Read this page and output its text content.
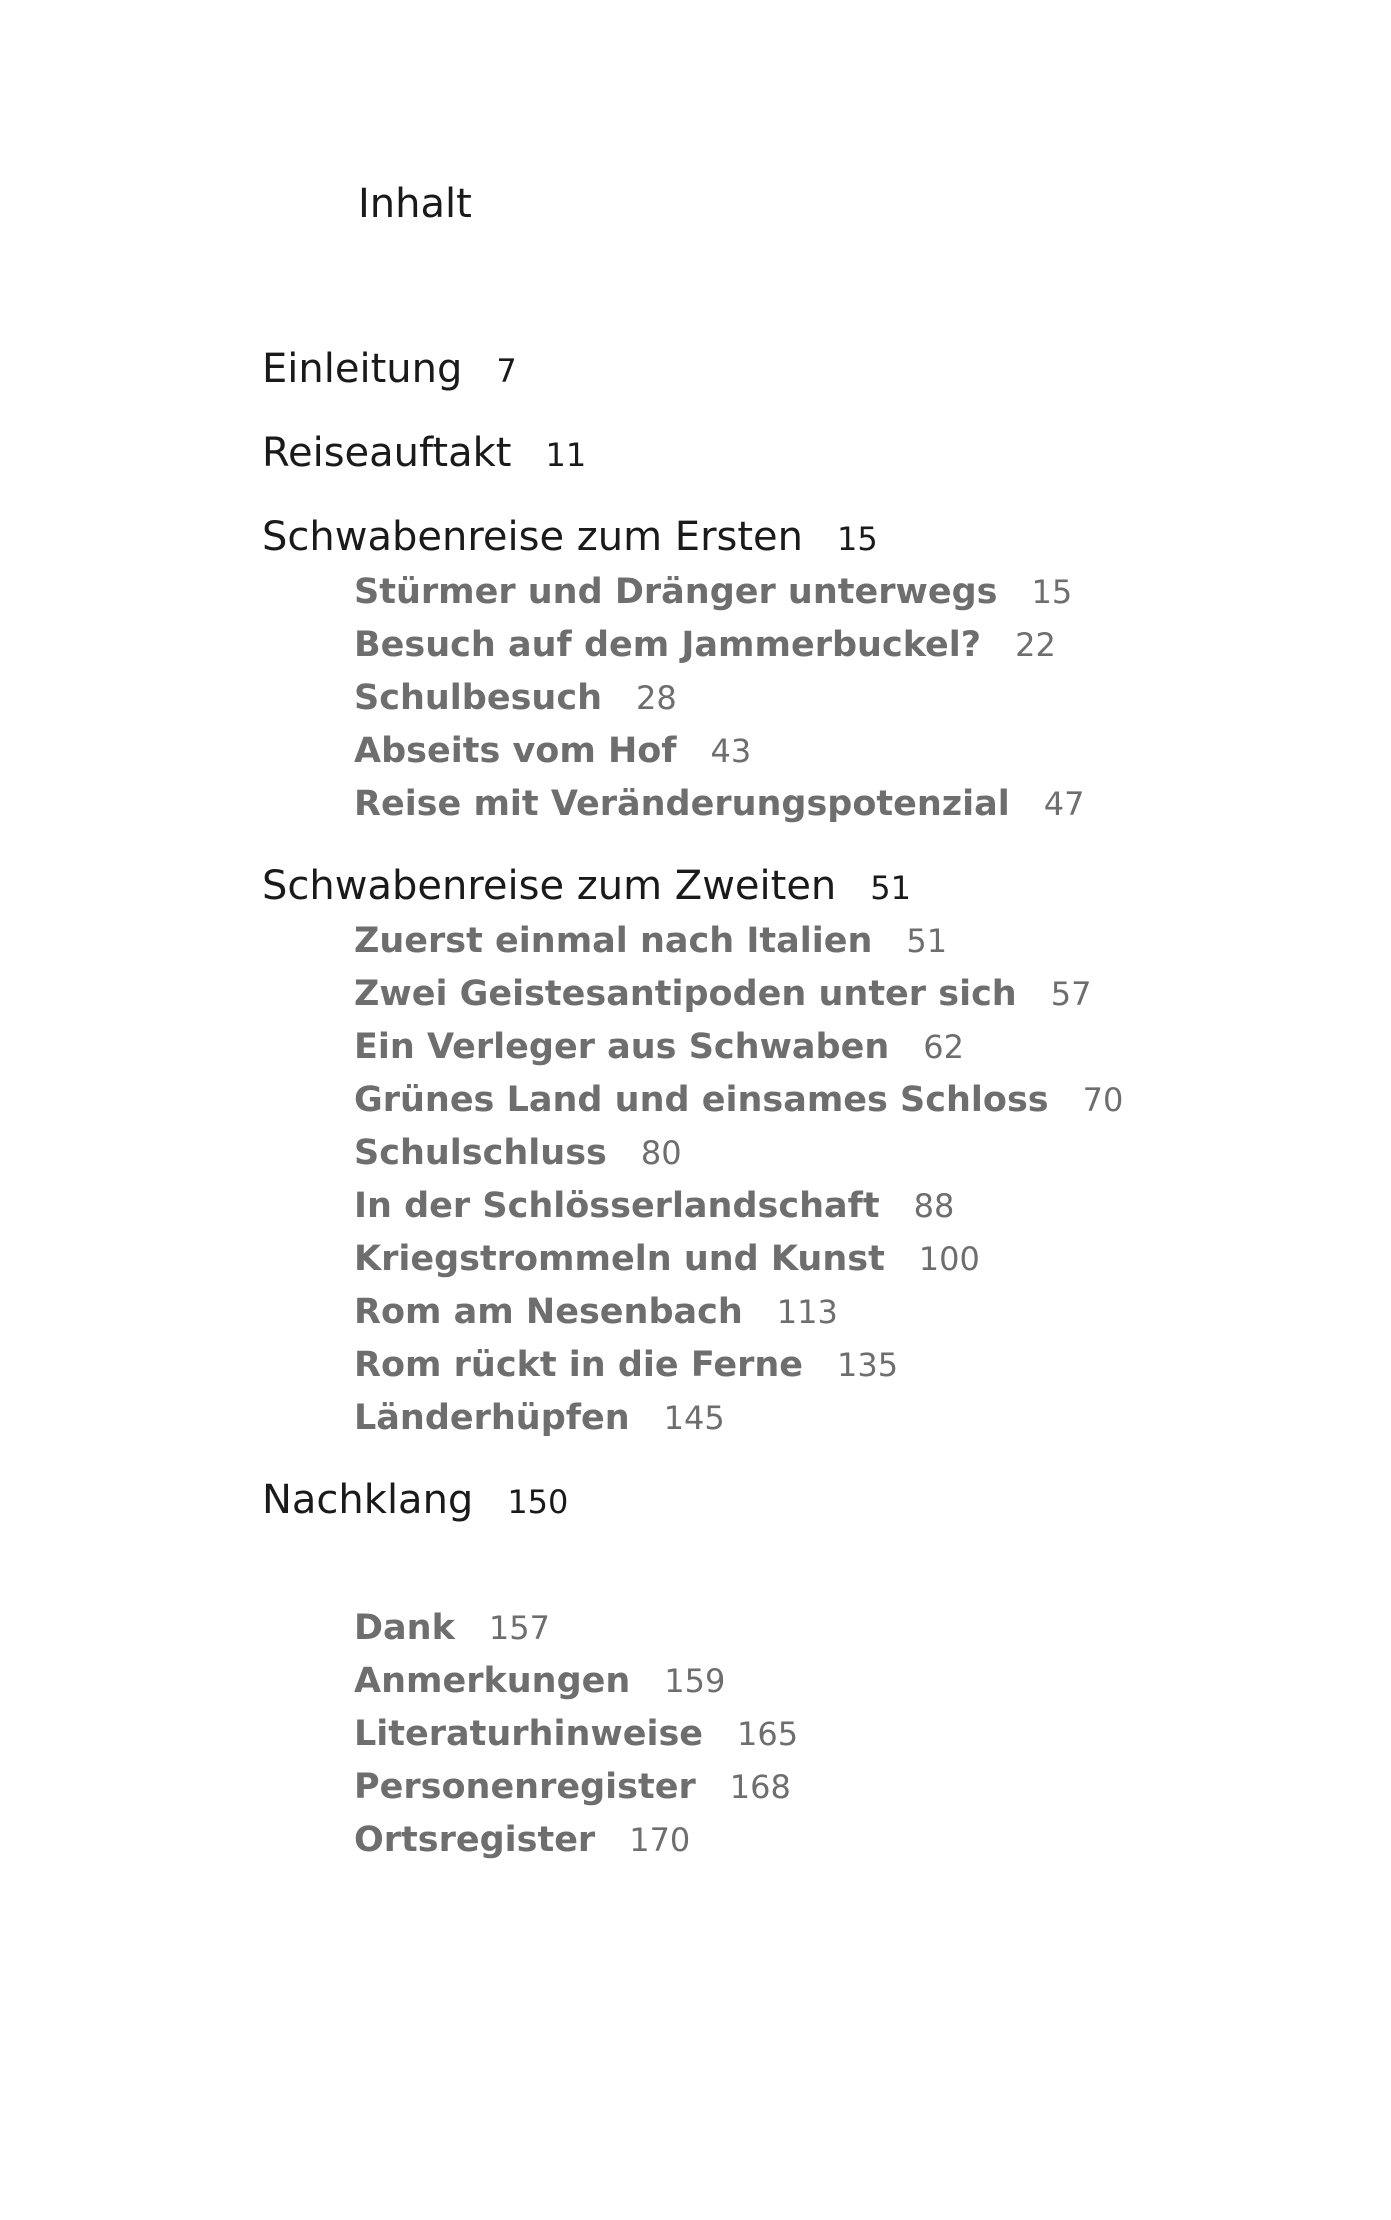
Inhalt
Einleitung 7
Reiseauftakt 11
Schwabenreise zum Ersten 15
Stürmer und Dränger unterwegs 15
Besuch auf dem Jammerbuckel? 22
Schulbesuch 28
Abseits vom Hof 43
Reise mit Veränderungspotenzial 47
Schwabenreise zum Zweiten 51
Zuerst einmal nach Italien 51
Zwei Geistesantipoden unter sich 57
Ein Verleger aus Schwaben 62
Grünes Land und einsames Schloss 70
Schulschluss 80
In der Schlösserlandschaft 88
Kriegstrommeln und Kunst 100
Rom am Nesenbach 113
Rom rückt in die Ferne 135
Länderhüpfen 145
Nachklang 150
Dank 157
Anmerkungen 159
Literaturhinweise 165
Personenregister 168
Ortsregister 170
